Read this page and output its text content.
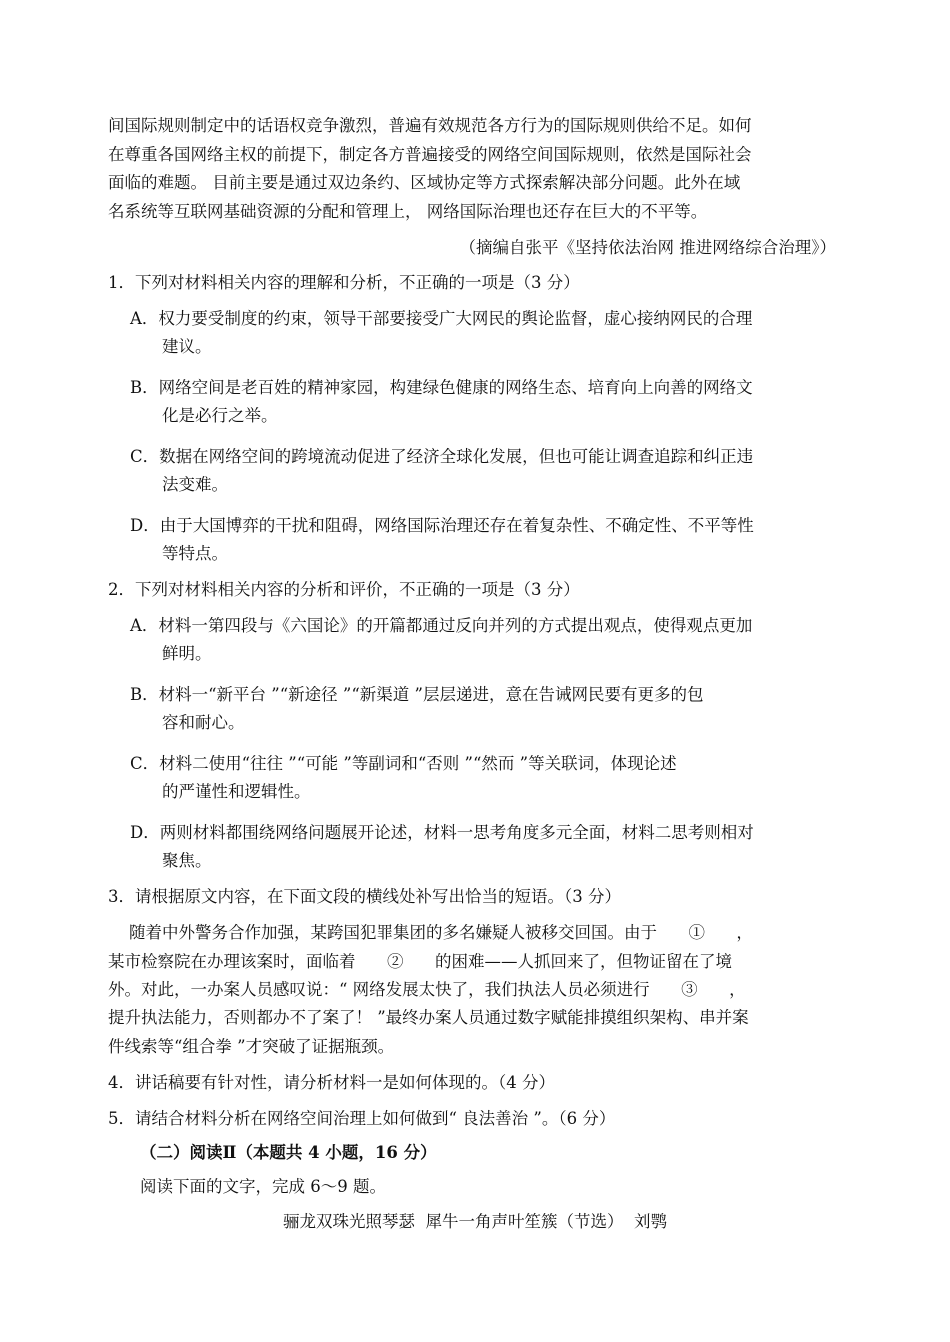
间国际规则制定中的话语权竞争激烈，普遍有效规范各方行为的国际规则供给不足。如何
在尊重各国网络主权的前提下，制定各方普遍接受的网络空间国际规则，依然是国际社会
面临的难题。 目前主要是通过双边条约、区域协定等方式探索解决部分问题。此外在域
名系统等互联网基础资源的分配和管理上， 网络国际治理也还存在巨大的不平等。
（摘编自张平《坚持依法治网 推进网络综合治理》）
1．下列对材料相关内容的理解和分析，不正确的一项是（3 分）
A．权力要受制度的约束，领导干部要接受广大网民的舆论监督，虚心接纳网民的合理
建议。
B．网络空间是老百姓的精神家园，构建绿色健康的网络生态、培育向上向善的网络文
化是必行之举。
C．数据在网络空间的跨境流动促进了经济全球化发展，但也可能让调查追踪和纠正违
法变难。
D．由于大国博弈的干扰和阻碍，网络国际治理还存在着复杂性、不确定性、不平等性
等特点。
2．下列对材料相关内容的分析和评价，不正确的一项是（3 分）
A．材料一第四段与《六国论》的开篇都通过反向并列的方式提出观点，使得观点更加
鲜明。
B．材料一“新平台 ”“新途径 ”“新渠道 ”层层递进，意在告诫网民要有更多的包
容和耐心。
C．材料二使用“往往 ”“可能 ”等副词和“否则 ”“然而 ”等关联词，体现论述
的严谨性和逻辑性。
D．两则材料都围绕网络问题展开论述，材料一思考角度多元全面，材料二思考则相对
聚焦。
3．请根据原文内容，在下面文段的横线处补写出恰当的短语。（3 分）
随着中外警务合作加强，某跨国犯罪集团的多名嫌疑人被移交回国。由于      ①      ，
某市检察院在办理该案时，面临着      ②      的困难——人抓回来了，但物证留在了境
外。对此，一办案人员感叹说：“ 网络发展太快了，我们执法人员必须进行      ③      ，
提升执法能力，否则都办不了案了！ ”最终办案人员通过数字赋能排摸组织架构、串并案
件线索等“组合拳 ”才突破了证据瓶颈。
4．讲话稿要有针对性，请分析材料一是如何体现的。（4 分）
5．请结合材料分析在网络空间治理上如何做到“ 良法善治 ”。（6 分）
（二）阅读Ⅱ（本题共 4 小题，16 分）
阅读下面的文字，完成 6～9 题。
骊龙双珠光照琴瑟  犀牛一角声叶笙簇（节选）  刘鹗
